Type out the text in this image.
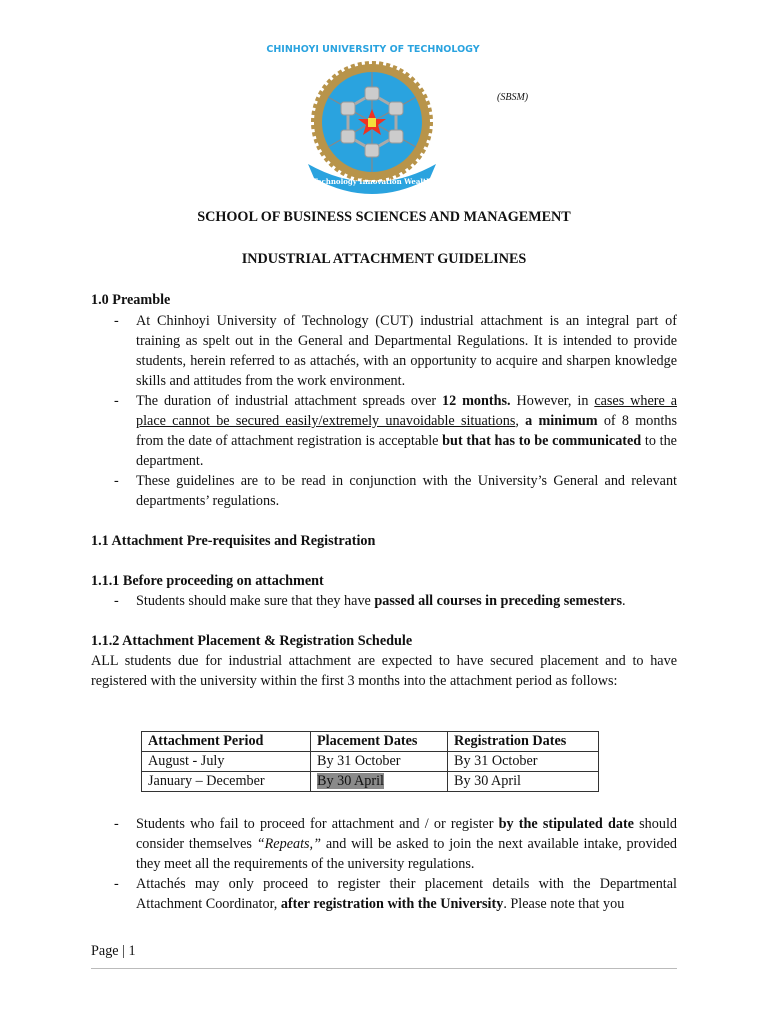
CHINHOYI UNIVERSITY OF TECHNOLOGY
Technology Innovation Wealth
(SBSM)
SCHOOL OF BUSINESS SCIENCES AND MANAGEMENT
INDUSTRIAL ATTACHMENT GUIDELINES
1.0 Preamble
- At Chinhoyi University of Technology (CUT) industrial attachment is an integral part of training as spelt out in the General and Departmental Regulations. It is intended to provide students, herein referred to as attachés, with an opportunity to acquire and sharpen knowledge skills and attitudes from the work environment.
- The duration of industrial attachment spreads over 12 months. However, in cases where a place cannot be secured easily/extremely unavoidable situations, a minimum of 8 months from the date of attachment registration is acceptable but that has to be communicated to the department.
- These guidelines are to be read in conjunction with the University’s General and relevant departments’ regulations.
1.1 Attachment Pre-requisites and Registration
1.1.1 Before proceeding on attachment
- Students should make sure that they have passed all courses in preceding semesters.
1.1.2 Attachment Placement & Registration Schedule
ALL students due for industrial attachment are expected to have secured placement and to have registered with the university within the first 3 months into the attachment period as follows:
Attachment Period	Placement Dates	Registration Dates
August - July	By 31 October	By 31 October
January – December	By 30 April	By 30 April
- Students who fail to proceed for attachment and / or register by the stipulated date should consider themselves “Repeats,” and will be asked to join the next available intake, provided they meet all the requirements of the university regulations.
- Attachés may only proceed to register their placement details with the Departmental Attachment Coordinator, after registration with the University. Please note that you
Page | 1
